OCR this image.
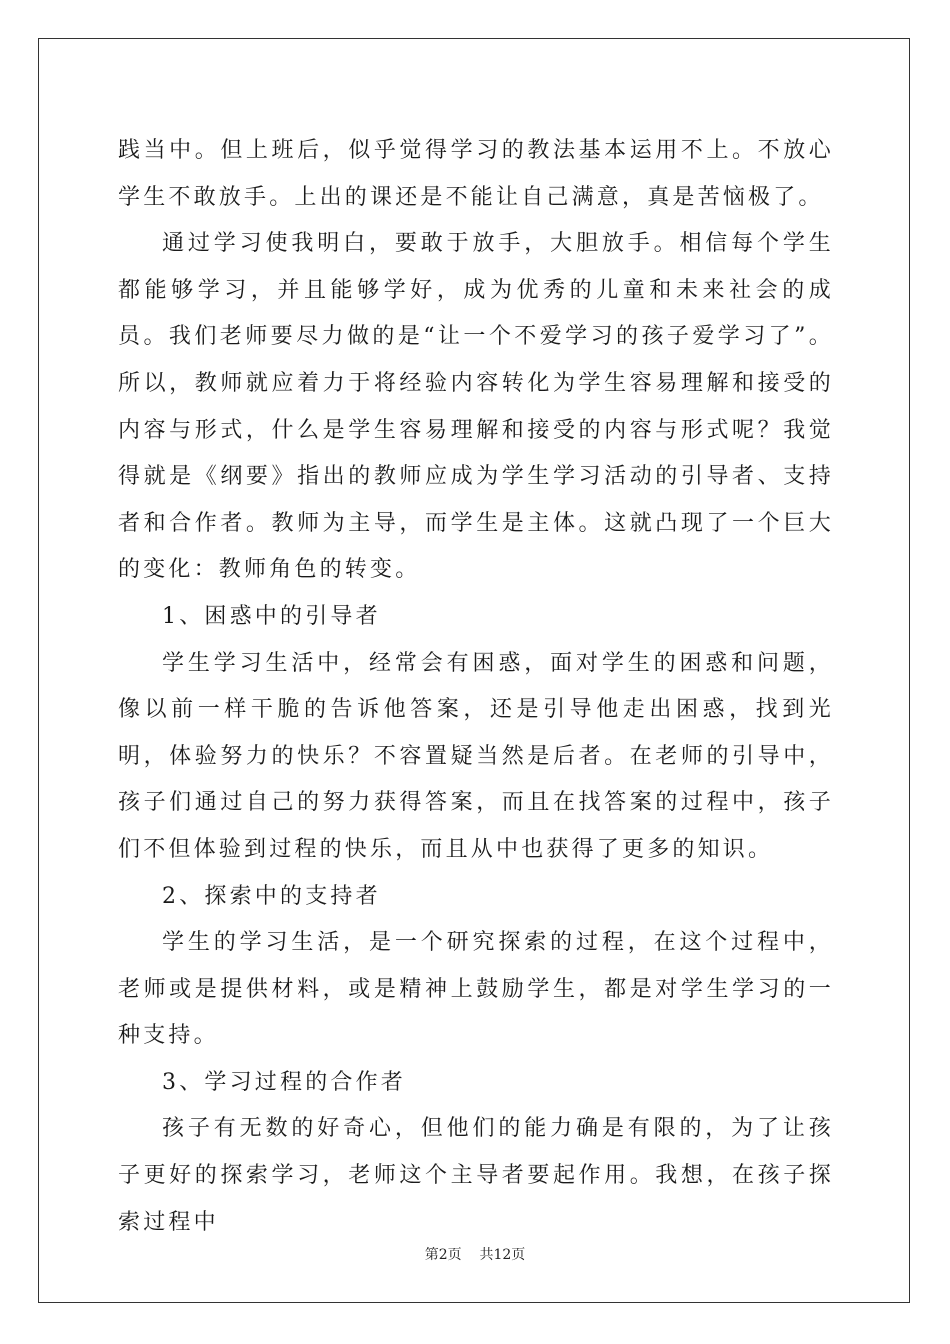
践当中。但上班后，似乎觉得学习的教法基本运用不上。不放心学生不敢放手。上出的课还是不能让自己满意，真是苦恼极了。

通过学习使我明白，要敢于放手，大胆放手。相信每个学生都能够学习，并且能够学好，成为优秀的儿童和未来社会的成员。我们老师要尽力做的是“让一个不爱学习的孩子爱学习了”。所以，教师就应着力于将经验内容转化为学生容易理解和接受的内容与形式，什么是学生容易理解和接受的内容与形式呢？我觉得就是《纲要》指出的教师应成为学生学习活动的引导者、支持者和合作者。教师为主导，而学生是主体。这就凸现了一个巨大的变化：教师角色的转变。

1、困惑中的引导者

学生学习生活中，经常会有困惑，面对学生的困惑和问题，像以前一样干脆的告诉他答案，还是引导他走出困惑，找到光明，体验努力的快乐？不容置疑当然是后者。在老师的引导中，孩子们通过自己的努力获得答案，而且在找答案的过程中，孩子们不但体验到过程的快乐，而且从中也获得了更多的知识。

2、探索中的支持者

学生的学习生活，是一个研究探索的过程，在这个过程中，老师或是提供材料，或是精神上鼓励学生，都是对学生学习的一种支持。

3、学习过程的合作者

孩子有无数的好奇心，但他们的能力确是有限的，为了让孩子更好的探索学习，老师这个主导者要起作用。我想，在孩子探索过程中

第2页 共12页
